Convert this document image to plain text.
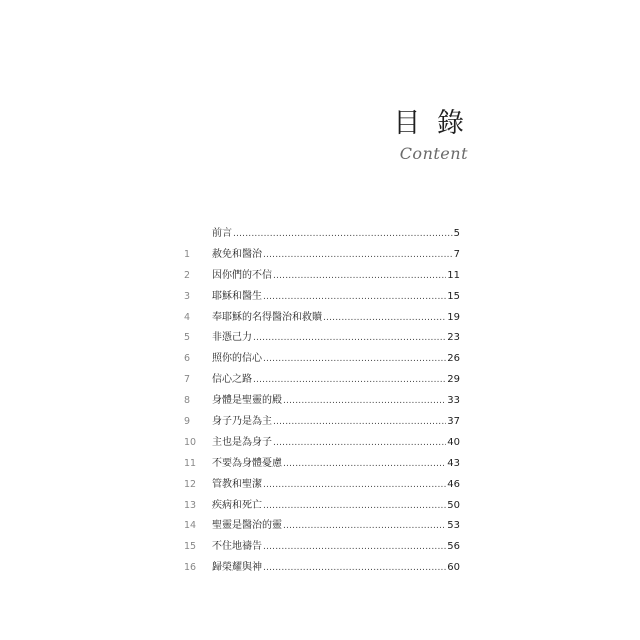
目 錄
Content
前言 .....	5
1	赦免和醫治 .....	7
2	因你們的不信 .....	11
3	耶穌和醫生 .....	15
4	奉耶穌的名得醫治和救贖 .....	19
5	非憑己力 .....	23
6	照你的信心 .....	26
7	信心之路 .....	29
8	身體是聖靈的殿 .....	33
9	身子乃是為主 .....	37
10	主也是為身子 .....	40
11	不要為身體憂慮 .....	43
12	管教和聖潔 .....	46
13	疾病和死亡 .....	50
14	聖靈是醫治的靈 .....	53
15	不住地禱告 .....	56
16	歸榮耀與神 .....	60
